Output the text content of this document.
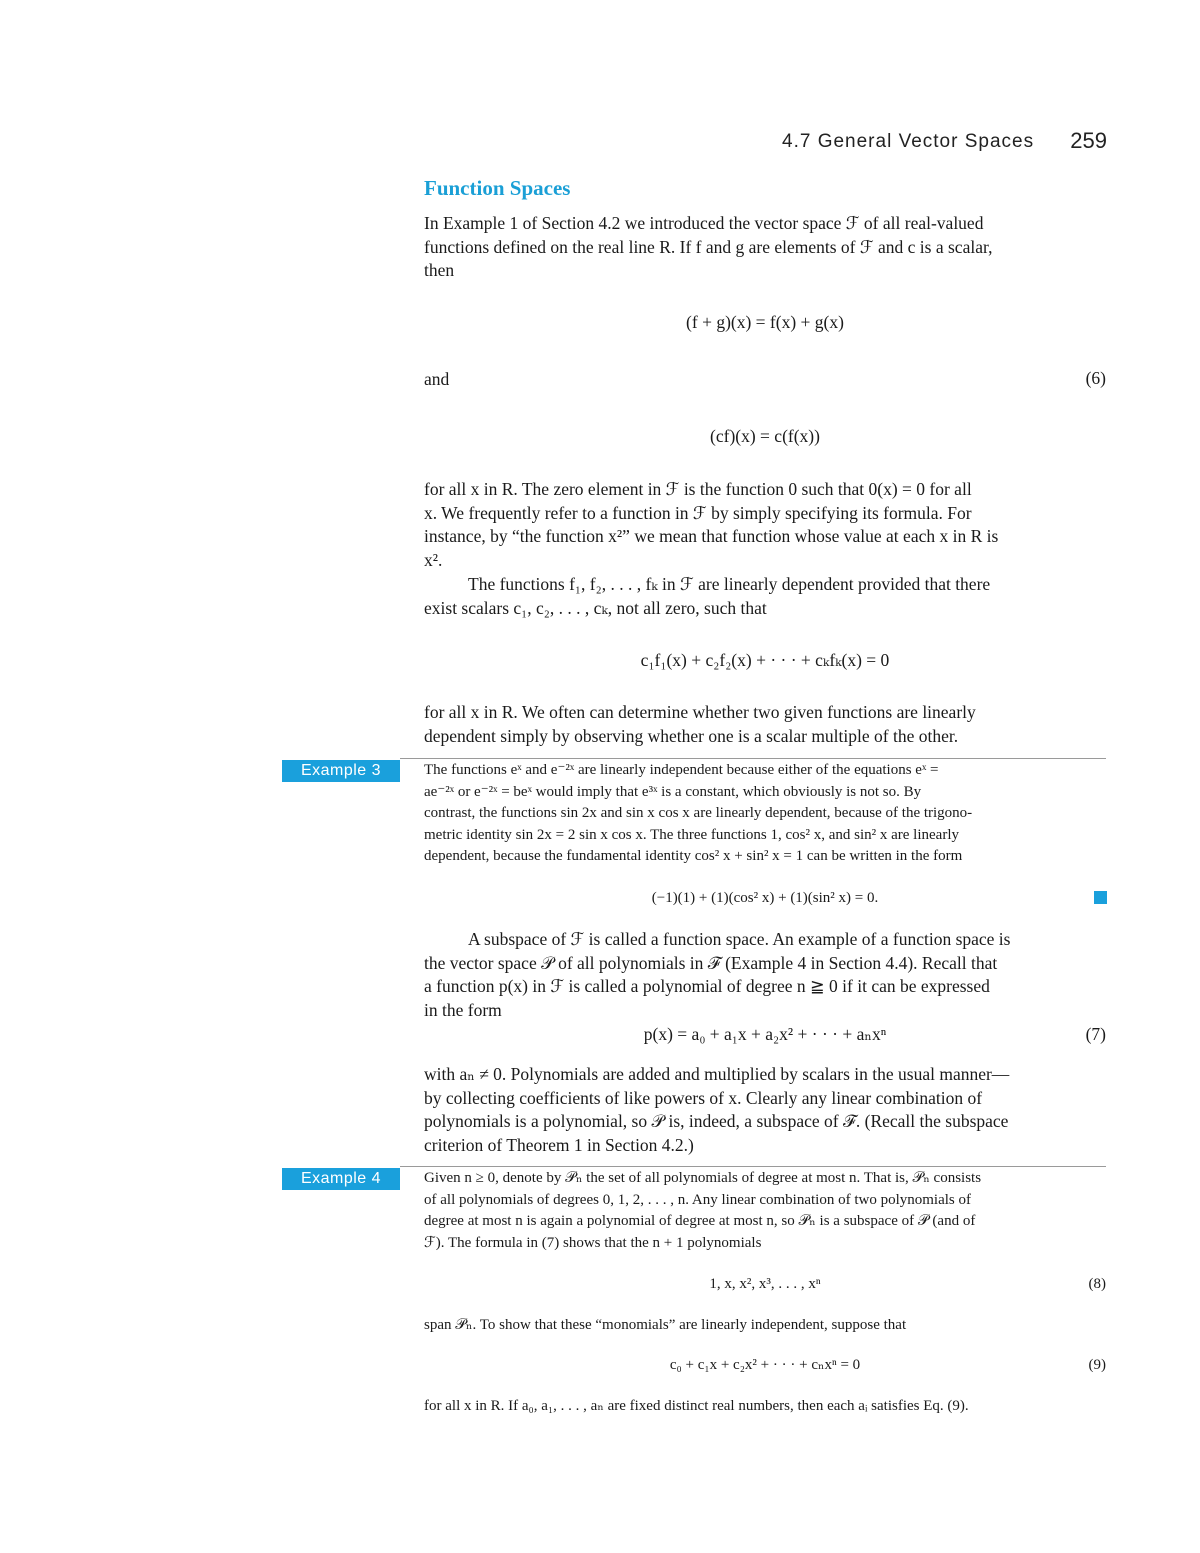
4.7 General Vector Spaces 259
Function Spaces
In Example 1 of Section 4.2 we introduced the vector space ℱ of all real-valued
functions defined on the real line R. If f and g are elements of ℱ and c is a scalar,
then
(f + g)(x) = f(x) + g(x)
and	(6)
(cf)(x) = c(f(x))
for all x in R. The zero element in ℱ is the function 0 such that 0(x) = 0 for all
x. We frequently refer to a function in ℱ by simply specifying its formula. For
instance, by “the function x²” we mean that function whose value at each x in R is
x².
The functions f₁, f₂, . . . , fₖ in ℱ are linearly dependent provided that there
exist scalars c₁, c₂, . . . , cₖ, not all zero, such that
c₁f₁(x) + c₂f₂(x) + · · · + cₖfₖ(x) = 0
for all x in R. We often can determine whether two given functions are linearly
dependent simply by observing whether one is a scalar multiple of the other.
Example 3	The functions eˣ and e⁻²ˣ are linearly independent because either of the equations eˣ =
ae⁻²ˣ or e⁻²ˣ = beˣ would imply that e³ˣ is a constant, which obviously is not so. By
contrast, the functions sin 2x and sin x cos x are linearly dependent, because of the trigono-
metric identity sin 2x = 2 sin x cos x. The three functions 1, cos² x, and sin² x are linearly
dependent, because the fundamental identity cos² x + sin² x = 1 can be written in the form
(−1)(1) + (1)(cos² x) + (1)(sin² x) = 0.
A subspace of ℱ is called a function space. An example of a function space is
the vector space 𝒫 of all polynomials in ℱ (Example 4 in Section 4.4). Recall that
a function p(x) in ℱ is called a polynomial of degree n ≧ 0 if it can be expressed
in the form
p(x) = a₀ + a₁x + a₂x² + · · · + aₙxⁿ	(7)
with aₙ ≠ 0. Polynomials are added and multiplied by scalars in the usual manner—
by collecting coefficients of like powers of x. Clearly any linear combination of
polynomials is a polynomial, so 𝒫 is, indeed, a subspace of ℱ. (Recall the subspace
criterion of Theorem 1 in Section 4.2.)
Example 4	Given n ≥ 0, denote by 𝒫ₙ the set of all polynomials of degree at most n. That is, 𝒫ₙ consists
of all polynomials of degrees 0, 1, 2, . . . , n. Any linear combination of two polynomials of
degree at most n is again a polynomial of degree at most n, so 𝒫ₙ is a subspace of 𝒫 (and of
ℱ). The formula in (7) shows that the n + 1 polynomials
1, x, x², x³, . . . , xⁿ	(8)
span 𝒫ₙ. To show that these “monomials” are linearly independent, suppose that
c₀ + c₁x + c₂x² + · · · + cₙxⁿ = 0	(9)
for all x in R. If a₀, a₁, . . . , aₙ are fixed distinct real numbers, then each aᵢ satisfies Eq. (9).
